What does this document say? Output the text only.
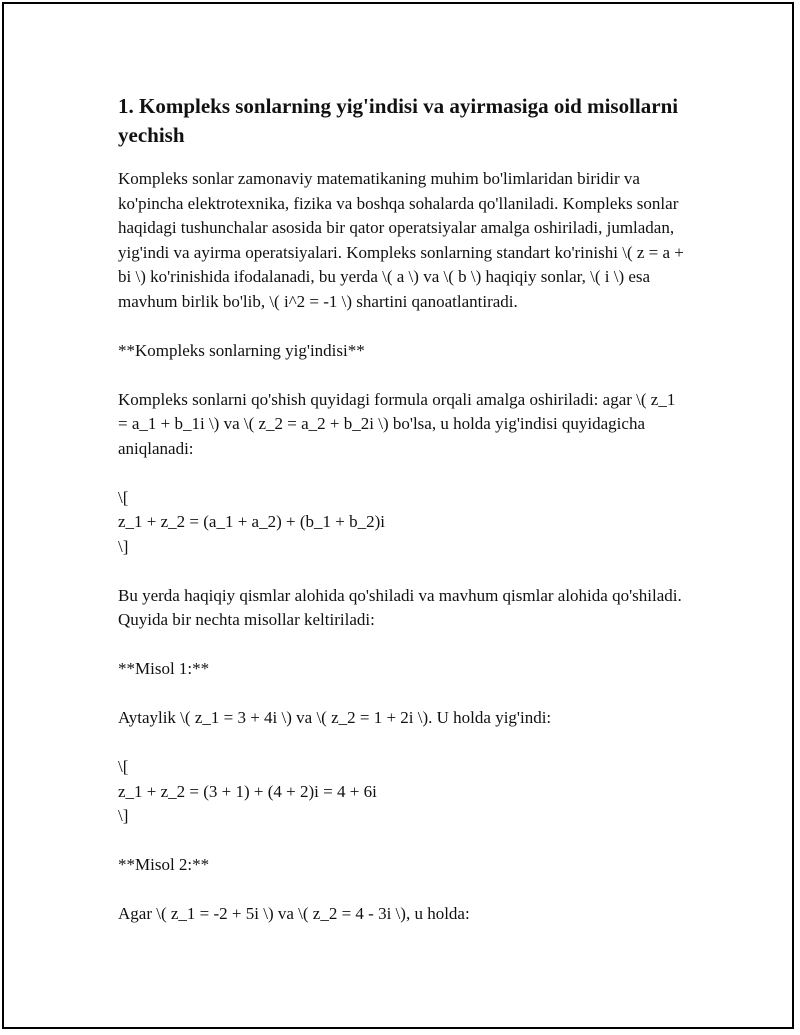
1. Kompleks sonlarning yig'indisi va ayirmasiga oid misollarni yechish

Kompleks sonlar zamonaviy matematikaning muhim bo'limlaridan biridir va ko'pincha elektrotexnika, fizika va boshqa sohalarda qo'llaniladi. Kompleks sonlar haqidagi tushunchalar asosida bir qator operatsiyalar amalga oshiriladi, jumladan, yig'indi va ayirma operatsiyalari. Kompleks sonlarning standart ko'rinishi \( z = a + bi \) ko'rinishida ifodalanadi, bu yerda \( a \) va \( b \) haqiqiy sonlar, \( i \) esa mavhum birlik bo'lib, \( i^2 = -1 \) shartini qanoatlantiradi.

**Kompleks sonlarning yig'indisi**

Kompleks sonlarni qo'shish quyidagi formula orqali amalga oshiriladi: agar \( z_1 = a_1 + b_1i \) va \( z_2 = a_2 + b_2i \) bo'lsa, u holda yig'indisi quyidagicha aniqlanadi:

\[
z_1 + z_2 = (a_1 + a_2) + (b_1 + b_2)i
\]

Bu yerda haqiqiy qismlar alohida qo'shiladi va mavhum qismlar alohida qo'shiladi. Quyida bir nechta misollar keltiriladi:

**Misol 1:**

Aytaylik \( z_1 = 3 + 4i \) va \( z_2 = 1 + 2i \). U holda yig'indi:

\[
z_1 + z_2 = (3 + 1) + (4 + 2)i = 4 + 6i
\]

**Misol 2:**

Agar \( z_1 = -2 + 5i \) va \( z_2 = 4 - 3i \), u holda:
